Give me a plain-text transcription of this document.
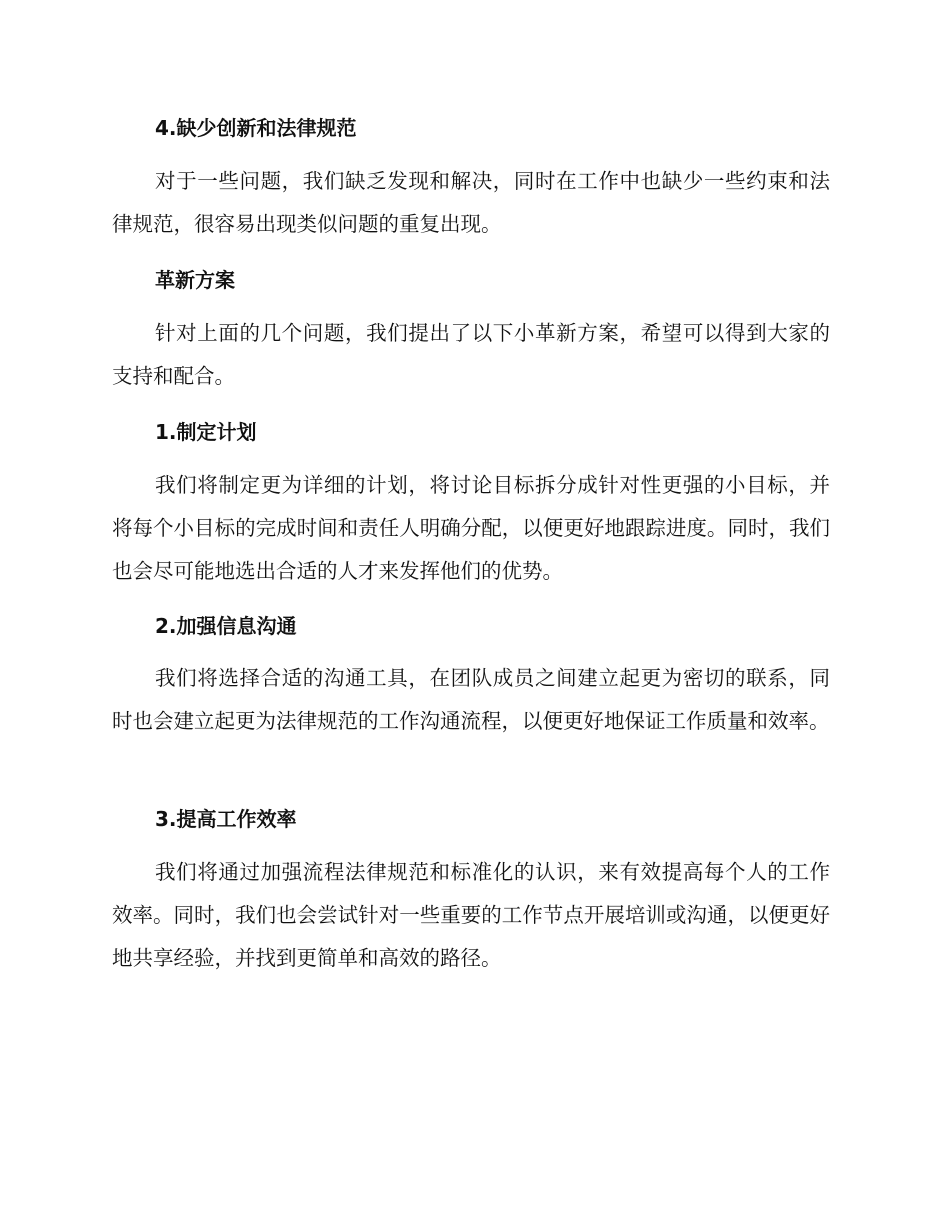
4.缺少创新和法律规范

对于一些问题，我们缺乏发现和解决，同时在工作中也缺少一些约束和法律规范，很容易出现类似问题的重复出现。

革新方案

针对上面的几个问题，我们提出了以下小革新方案，希望可以得到大家的支持和配合。

1.制定计划

我们将制定更为详细的计划，将讨论目标拆分成针对性更强的小目标，并将每个小目标的完成时间和责任人明确分配，以便更好地跟踪进度。同时，我们也会尽可能地选出合适的人才来发挥他们的优势。

2.加强信息沟通

我们将选择合适的沟通工具，在团队成员之间建立起更为密切的联系，同时也会建立起更为法律规范的工作沟通流程，以便更好地保证工作质量和效率。

3.提高工作效率

我们将通过加强流程法律规范和标准化的认识，来有效提高每个人的工作效率。同时，我们也会尝试针对一些重要的工作节点开展培训或沟通，以便更好地共享经验，并找到更简单和高效的路径。
